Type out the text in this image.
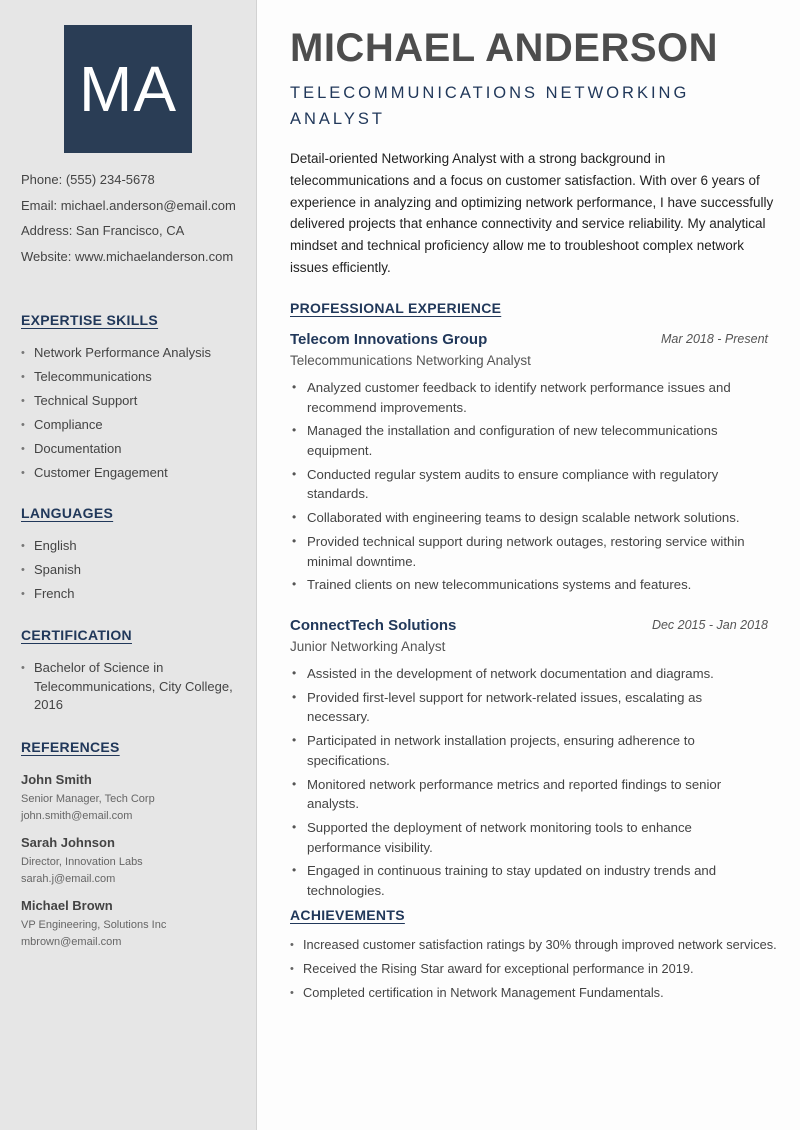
MA
Phone: (555) 234-5678
Email: michael.anderson@email.com
Address: San Francisco, CA
Website: www.michaelanderson.com
EXPERTISE SKILLS
• Network Performance Analysis
• Telecommunications
• Technical Support
• Compliance
• Documentation
• Customer Engagement
LANGUAGES
• English
• Spanish
• French
CERTIFICATION
• Bachelor of Science in Telecommunications, City College, 2016
REFERENCES
John Smith
Senior Manager, Tech Corp
john.smith@email.com
Sarah Johnson
Director, Innovation Labs
sarah.j@email.com
Michael Brown
VP Engineering, Solutions Inc
mbrown@email.com
MICHAEL ANDERSON
TELECOMMUNICATIONS NETWORKING ANALYST
Detail-oriented Networking Analyst with a strong background in telecommunications and a focus on customer satisfaction. With over 6 years of experience in analyzing and optimizing network performance, I have successfully delivered projects that enhance connectivity and service reliability. My analytical mindset and technical proficiency allow me to troubleshoot complex network issues efficiently.
PROFESSIONAL EXPERIENCE
Telecom Innovations Group	Mar 2018 - Present
Telecommunications Networking Analyst
• Analyzed customer feedback to identify network performance issues and recommend improvements.
• Managed the installation and configuration of new telecommunications equipment.
• Conducted regular system audits to ensure compliance with regulatory standards.
• Collaborated with engineering teams to design scalable network solutions.
• Provided technical support during network outages, restoring service within minimal downtime.
• Trained clients on new telecommunications systems and features.
ConnectTech Solutions	Dec 2015 - Jan 2018
Junior Networking Analyst
• Assisted in the development of network documentation and diagrams.
• Provided first-level support for network-related issues, escalating as necessary.
• Participated in network installation projects, ensuring adherence to specifications.
• Monitored network performance metrics and reported findings to senior analysts.
• Supported the deployment of network monitoring tools to enhance performance visibility.
• Engaged in continuous training to stay updated on industry trends and technologies.
ACHIEVEMENTS
• Increased customer satisfaction ratings by 30% through improved network services.
• Received the Rising Star award for exceptional performance in 2019.
• Completed certification in Network Management Fundamentals.
